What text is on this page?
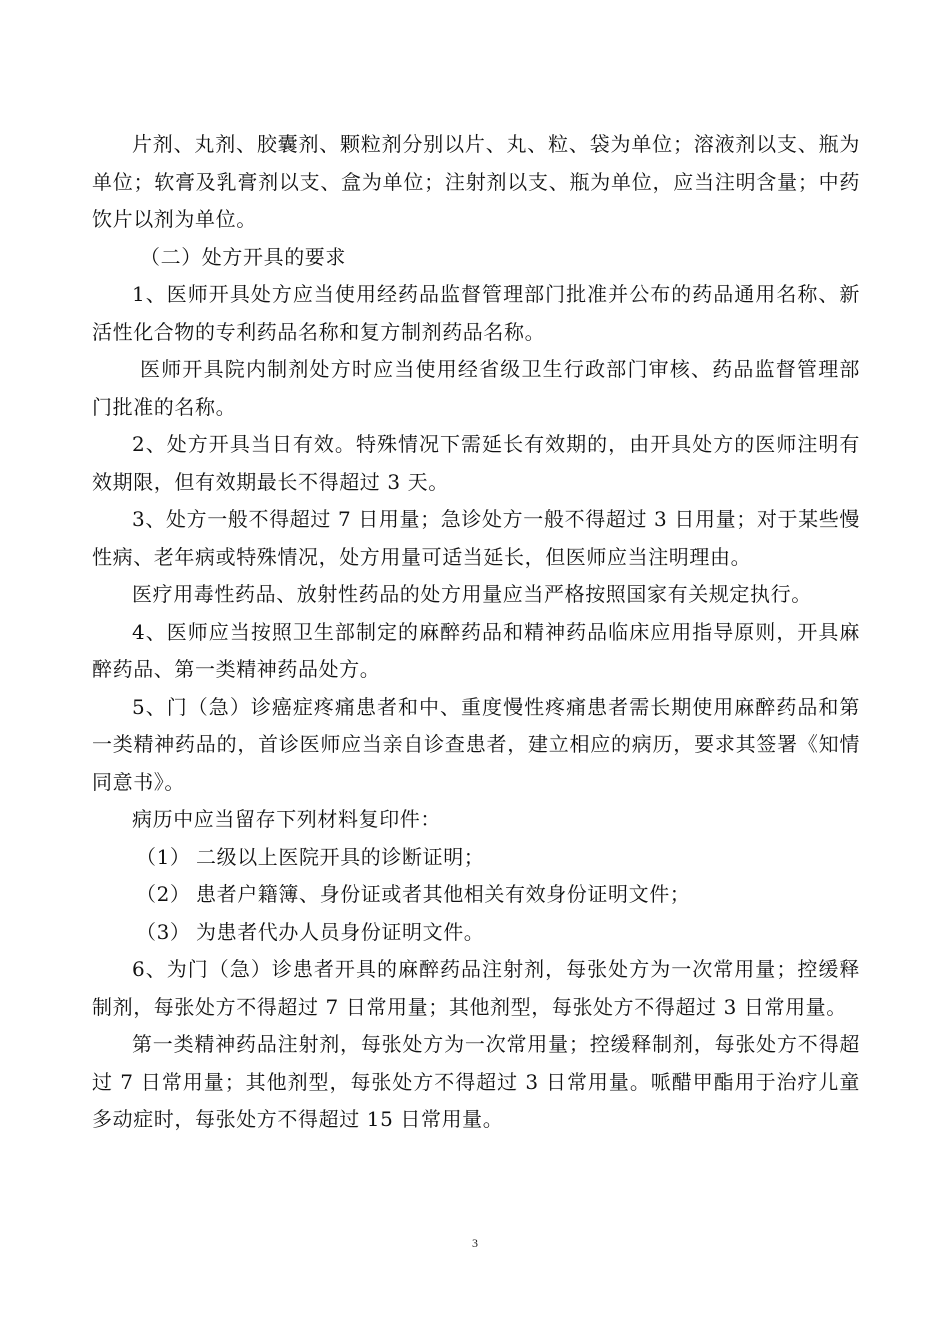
片剂、丸剂、胶囊剂、颗粒剂分别以片、丸、粒、袋为单位；溶液剂以支、瓶为单位；软膏及乳膏剂以支、盒为单位；注射剂以支、瓶为单位，应当注明含量；中药饮片以剂为单位。

（二）处方开具的要求

1、医师开具处方应当使用经药品监督管理部门批准并公布的药品通用名称、新活性化合物的专利药品名称和复方制剂药品名称。

医师开具院内制剂处方时应当使用经省级卫生行政部门审核、药品监督管理部门批准的名称。

2、处方开具当日有效。特殊情况下需延长有效期的，由开具处方的医师注明有效期限，但有效期最长不得超过 3 天。

3、处方一般不得超过 7 日用量；急诊处方一般不得超过 3 日用量；对于某些慢性病、老年病或特殊情况，处方用量可适当延长，但医师应当注明理由。

医疗用毒性药品、放射性药品的处方用量应当严格按照国家有关规定执行。

4、医师应当按照卫生部制定的麻醉药品和精神药品临床应用指导原则，开具麻醉药品、第一类精神药品处方。

5、门（急）诊癌症疼痛患者和中、重度慢性疼痛患者需长期使用麻醉药品和第一类精神药品的，首诊医师应当亲自诊查患者，建立相应的病历，要求其签署《知情同意书》。

病历中应当留存下列材料复印件：

（1） 二级以上医院开具的诊断证明；

（2） 患者户籍簿、身份证或者其他相关有效身份证明文件；

（3） 为患者代办人员身份证明文件。

6、为门（急）诊患者开具的麻醉药品注射剂，每张处方为一次常用量；控缓释制剂，每张处方不得超过 7 日常用量；其他剂型，每张处方不得超过 3 日常用量。

第一类精神药品注射剂，每张处方为一次常用量；控缓释制剂，每张处方不得超过 7 日常用量；其他剂型，每张处方不得超过 3 日常用量。哌醋甲酯用于治疗儿童多动症时，每张处方不得超过 15 日常用量。

3
